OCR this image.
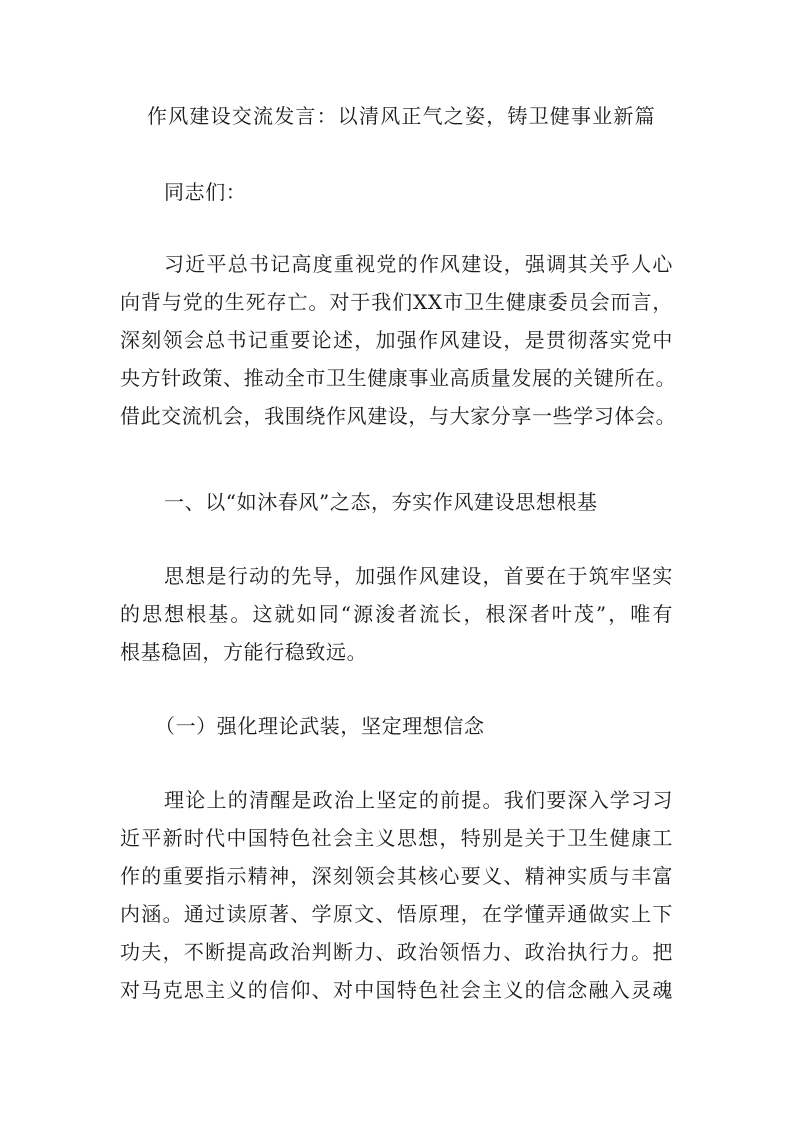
作风建设交流发言：以清风正气之姿，铸卫健事业新篇
同志们：
习近平总书记高度重视党的作风建设，强调其关乎人心
向背与党的生死存亡。对于我们XX市卫生健康委员会而言，
深刻领会总书记重要论述，加强作风建设，是贯彻落实党中
央方针政策、推动全市卫生健康事业高质量发展的关键所在。
借此交流机会，我围绕作风建设，与大家分享一些学习体会。
一、以“如沐春风”之态，夯实作风建设思想根基
思想是行动的先导，加强作风建设，首要在于筑牢坚实
的思想根基。这就如同“源浚者流长，根深者叶茂”，唯有
根基稳固，方能行稳致远。
（一）强化理论武装，坚定理想信念
理论上的清醒是政治上坚定的前提。我们要深入学习习
近平新时代中国特色社会主义思想，特别是关于卫生健康工
作的重要指示精神，深刻领会其核心要义、精神实质与丰富
内涵。通过读原著、学原文、悟原理，在学懂弄通做实上下
功夫，不断提高政治判断力、政治领悟力、政治执行力。把
对马克思主义的信仰、对中国特色社会主义的信念融入灵魂
